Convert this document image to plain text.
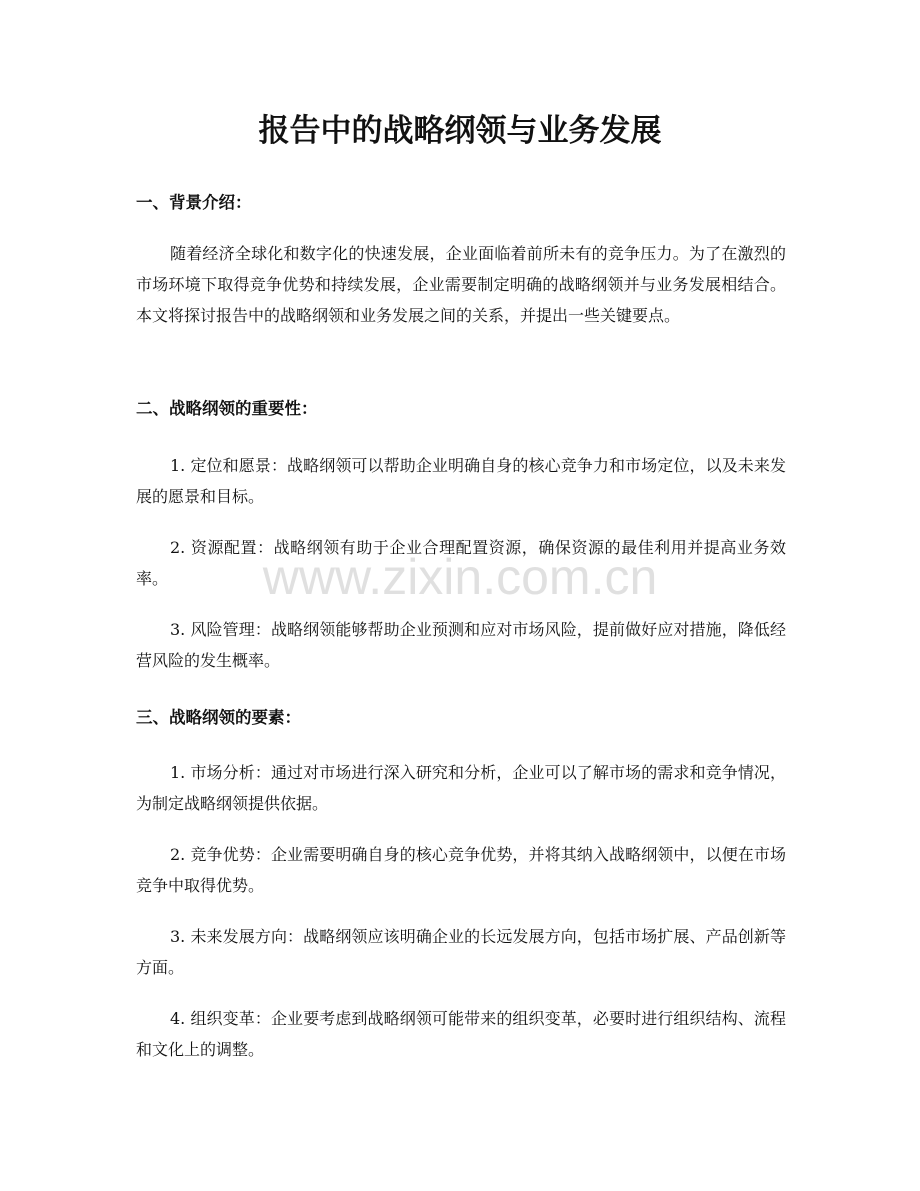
报告中的战略纲领与业务发展
一、背景介绍：

随着经济全球化和数字化的快速发展，企业面临着前所未有的竞争压力。为了在激烈的市场环境下取得竞争优势和持续发展，企业需要制定明确的战略纲领并与业务发展相结合。本文将探讨报告中的战略纲领和业务发展之间的关系，并提出一些关键要点。

二、战略纲领的重要性：

1. 定位和愿景：战略纲领可以帮助企业明确自身的核心竞争力和市场定位，以及未来发展的愿景和目标。

2. 资源配置：战略纲领有助于企业合理配置资源，确保资源的最佳利用并提高业务效率。

3. 风险管理：战略纲领能够帮助企业预测和应对市场风险，提前做好应对措施，降低经营风险的发生概率。

三、战略纲领的要素：

1. 市场分析：通过对市场进行深入研究和分析，企业可以了解市场的需求和竞争情况，为制定战略纲领提供依据。

2. 竞争优势：企业需要明确自身的核心竞争优势，并将其纳入战略纲领中，以便在市场竞争中取得优势。

3. 未来发展方向：战略纲领应该明确企业的长远发展方向，包括市场扩展、产品创新等方面。

4. 组织变革：企业要考虑到战略纲领可能带来的组织变革，必要时进行组织结构、流程和文化上的调整。

www.zixin.com.cn
